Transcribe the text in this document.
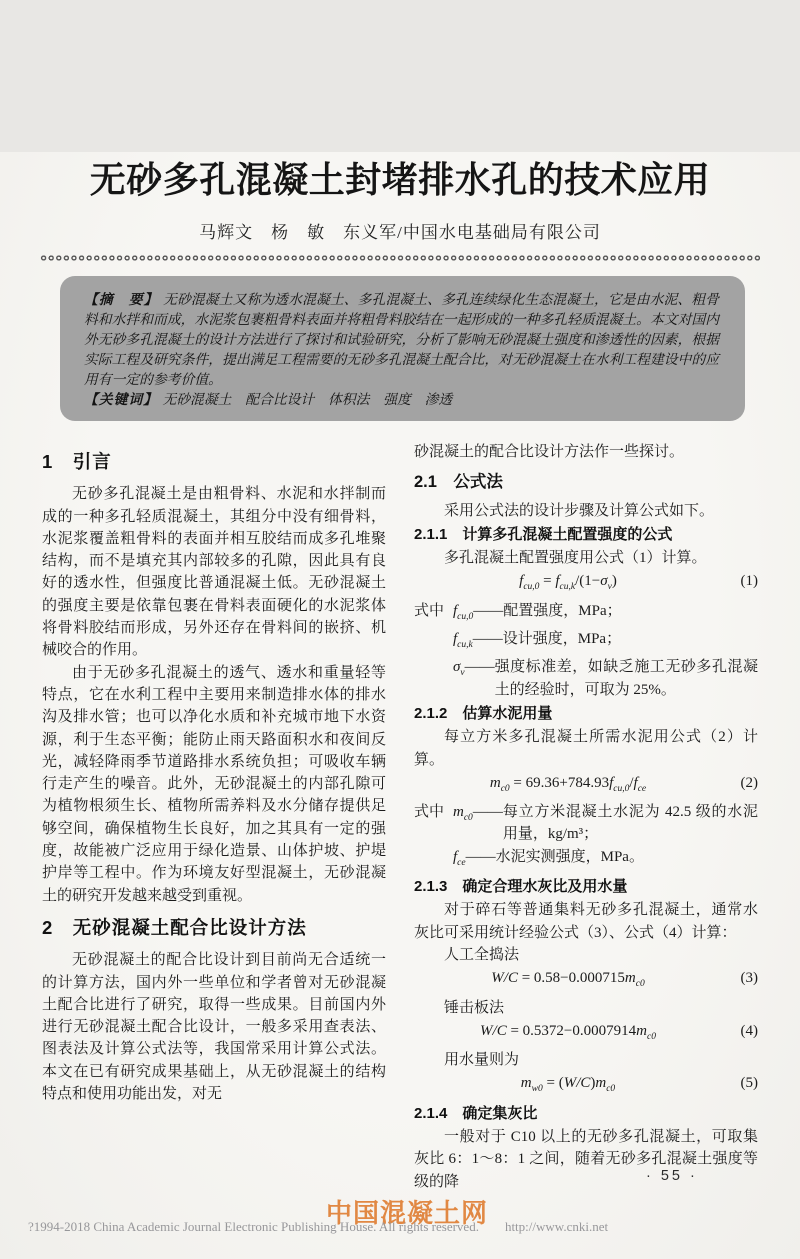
无砂多孔混凝土封堵排水孔的技术应用
马辉文　杨　敏　东义军/中国水电基础局有限公司

【摘　要】 无砂混凝土又称为透水混凝土、多孔混凝土、多孔连续绿化生态混凝土，它是由水泥、粗骨料和水拌和而成，水泥浆包裹粗骨料表面并将粗骨料胶结在一起形成的一种多孔轻质混凝土。本文对国内外无砂多孔混凝土的设计方法进行了探讨和试验研究，分析了影响无砂混凝土强度和渗透性的因素，根据实际工程及研究条件，提出满足工程需要的无砂多孔混凝土配合比，对无砂混凝土在水利工程建设中的应用有一定的参考价值。

【关键词】 无砂混凝土　配合比设计　体积法　强度　渗透

1　引言

无砂多孔混凝土是由粗骨料、水泥和水拌制而成的一种多孔轻质混凝土，其组分中没有细骨料，水泥浆覆盖粗骨料的表面并相互胶结而成多孔堆聚结构，而不是填充其内部较多的孔隙，因此具有良好的透水性，但强度比普通混凝土低。无砂混凝土的强度主要是依靠包裹在骨料表面硬化的水泥浆体将骨料胶结而形成，另外还存在骨料间的嵌挤、机械咬合的作用。

由于无砂多孔混凝土的透气、透水和重量轻等特点，它在水利工程中主要用来制造排水体的排水沟及排水管；也可以净化水质和补充城市地下水资源，利于生态平衡；能防止雨天路面积水和夜间反光，减轻降雨季节道路排水系统负担；可吸收车辆行走产生的噪音。此外，无砂混凝土的内部孔隙可为植物根须生长、植物所需养料及水分储存提供足够空间，确保植物生长良好，加之其具有一定的强度，故能被广泛应用于绿化造景、山体护坡、护堤护岸等工程中。作为环境友好型混凝土，无砂混凝土的研究开发越来越受到重视。

2　无砂混凝土配合比设计方法

无砂混凝土的配合比设计到目前尚无合适统一的计算方法，国内外一些单位和学者曾对无砂混凝土配合比进行了研究，取得一些成果。目前国内外进行无砂混凝土配合比设计，一般多采用查表法、图表法及计算公式法等，我国常采用计算公式法。本文在已有研究成果基础上，从无砂混凝土的结构特点和使用功能出发，对无

砂混凝土的配合比设计方法作一些探讨。

2.1　公式法

采用公式法的设计步骤及计算公式如下。

2.1.1　计算多孔混凝土配置强度的公式

多孔混凝土配置强度用公式（1）计算。

$f_{cu,0} = f_{cu,k}/(1-\sigma_v)$	(1)
式中 $f_{cu,0}——$ 配置强度，MPa；
$f_{cu,k}——$ 设计强度，MPa；
$\sigma_v——$ 强度标准差，如缺乏施工无砂多孔混凝土的经验时，可取为 25%。
2.1.2　估算水泥用量

每立方米多孔混凝土所需水泥用公式（2）计算。

$m_{c0} = 69.36+784.93f_{cu,0}/f_{ce}$	(2)
式中 $m_{c0}——$ 每立方米混凝土水泥为 42.5 级的水泥用量，kg/m³；
$f_{ce}——$ 水泥实测强度，MPa。
2.1.3　确定合理水灰比及用水量

对于碎石等普通集料无砂多孔混凝土，通常水灰比可采用统计经验公式（3）、公式（4）计算：

人工全捣法

$W/C = 0.58-0.000715m_{c0}$	(3)

锤击板法

$W/C = 0.5372-0.0007914m_{c0}$	(4)

用水量则为

$m_{w0} = (W/C)m_{c0}$	(5)
2.1.4　确定集灰比

一般对于 C10 以上的无砂多孔混凝土，可取集灰比 6：1～8：1 之间，随着无砂多孔混凝土强度等级的降	· 55 ·
中国混凝土网
?1994-2018 China Academic Journal Electronic Publishing House. All rights reserved. http://www.cnki.net
